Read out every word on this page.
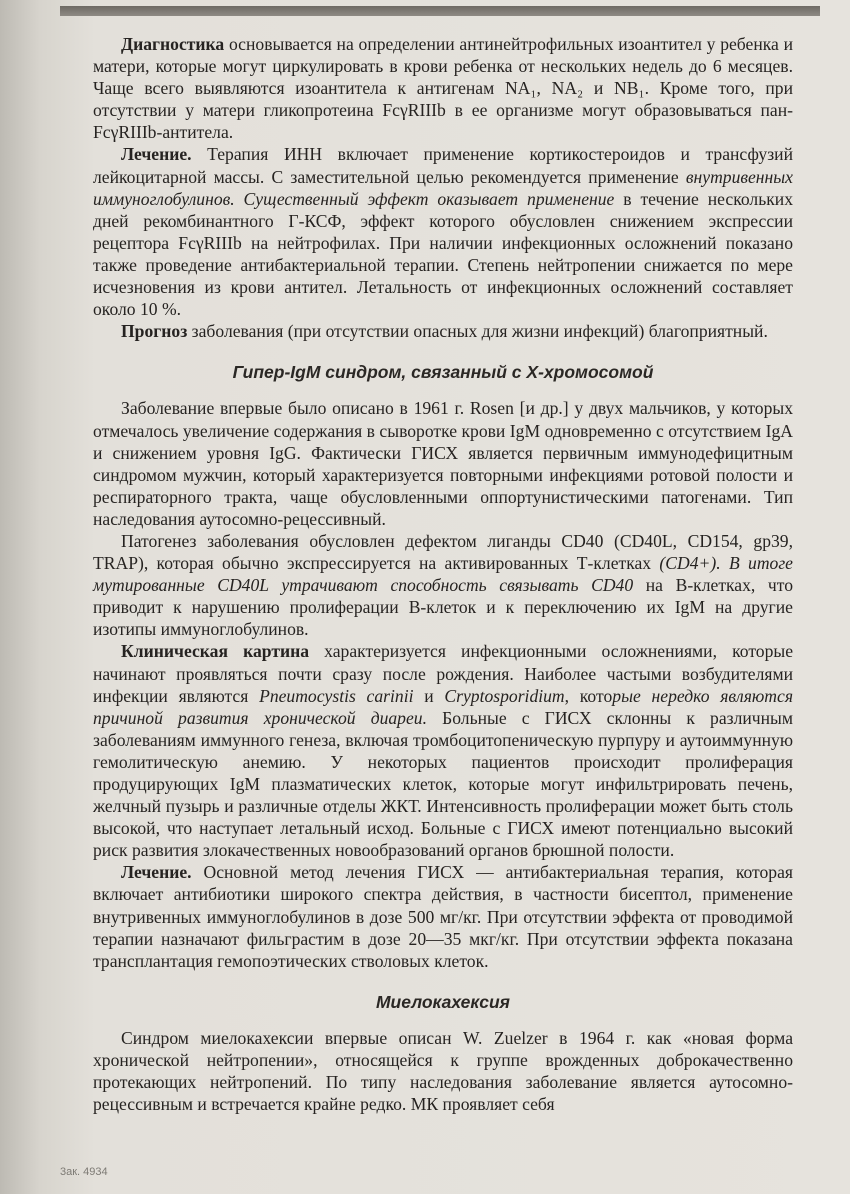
Диагностика основывается на определении антинейтрофильных изоантител у ребенка и матери, которые могут циркулировать в крови ребенка от нескольких недель до 6 месяцев. Чаще всего выявляются изоантитела к антигенам NA₁, NA₂ и NB₁. Кроме того, при отсутствии у матери гликопротеина FcγRIIIb в ее организме могут образовываться пан-FcγRIIIb-антитела.

Лечение. Терапия ИНН включает применение кортикостероидов и трансфузий лейкоцитарной массы. С заместительной целью рекомендуется применение внутривенных иммуноглобулинов. Существенный эффект оказывает применение в течение нескольких дней рекомбинантного Г-КСФ, эффект которого обусловлен снижением экспрессии рецептора FcγRIIIb на нейтрофилах. При наличии инфекционных осложнений показано также проведение антибактериальной терапии. Степень нейтропении снижается по мере исчезновения из крови антител. Летальность от инфекционных осложнений составляет около 10 %.

Прогноз заболевания (при отсутствии опасных для жизни инфекций) благоприятный.

Гипер-IgM синдром, связанный с X-хромосомой

Заболевание впервые было описано в 1961 г. Rosen [и др.] у двух мальчиков, у которых отмечалось увеличение содержания в сыворотке крови IgM одновременно с отсутствием IgA и снижением уровня IgG. Фактически ГИСХ является первичным иммунодефицитным синдромом мужчин, который характеризуется повторными инфекциями ротовой полости и респираторного тракта, чаще обусловленными оппортунистическими патогенами. Тип наследования аутосомно-рецессивный.

Патогенез заболевания обусловлен дефектом лиганды CD40 (CD40L, CD154, gp39, TRAP), которая обычно экспрессируется на активированных Т-клетках (CD4+). В итоге мутированные CD40L утрачивают способность связывать CD40 на В-клетках, что приводит к нарушению пролиферации В-клеток и к переключению их IgM на другие изотипы иммуноглобулинов.

Клиническая картина характеризуется инфекционными осложнениями, которые начинают проявляться почти сразу после рождения. Наиболее частыми возбудителями инфекции являются Pneumocystis carinii и Cryptosporidium, которые нередко являются причиной развития хронической диареи. Больные с ГИСХ склонны к различным заболеваниям иммунного генеза, включая тромбоцитопеническую пурпуру и аутоиммунную гемолитическую анемию. У некоторых пациентов происходит пролиферация продуцирующих IgM плазматических клеток, которые могут инфильтрировать печень, желчный пузырь и различные отделы ЖКТ. Интенсивность пролиферации может быть столь высокой, что наступает летальный исход. Больные с ГИСХ имеют потенциально высокий риск развития злокачественных новообразований органов брюшной полости.

Лечение. Основной метод лечения ГИСХ — антибактериальная терапия, которая включает антибиотики широкого спектра действия, в частности бисептол, применение внутривенных иммуноглобулинов в дозе 500 мг/кг. При отсутствии эффекта от проводимой терапии назначают фильграстим в дозе 20—35 мкг/кг. При отсутствии эффекта показана трансплантация гемопоэтических стволовых клеток.

Миелокахексия

Синдром миелокахексии впервые описан W. Zuelzer в 1964 г. как «новая форма хронической нейтропении», относящейся к группе врожденных доброкачественно протекающих нейтропений. По типу наследования заболевание является аутосомно-рецессивным и встречается крайне редко. МК проявляет себя

3ак. 4934
